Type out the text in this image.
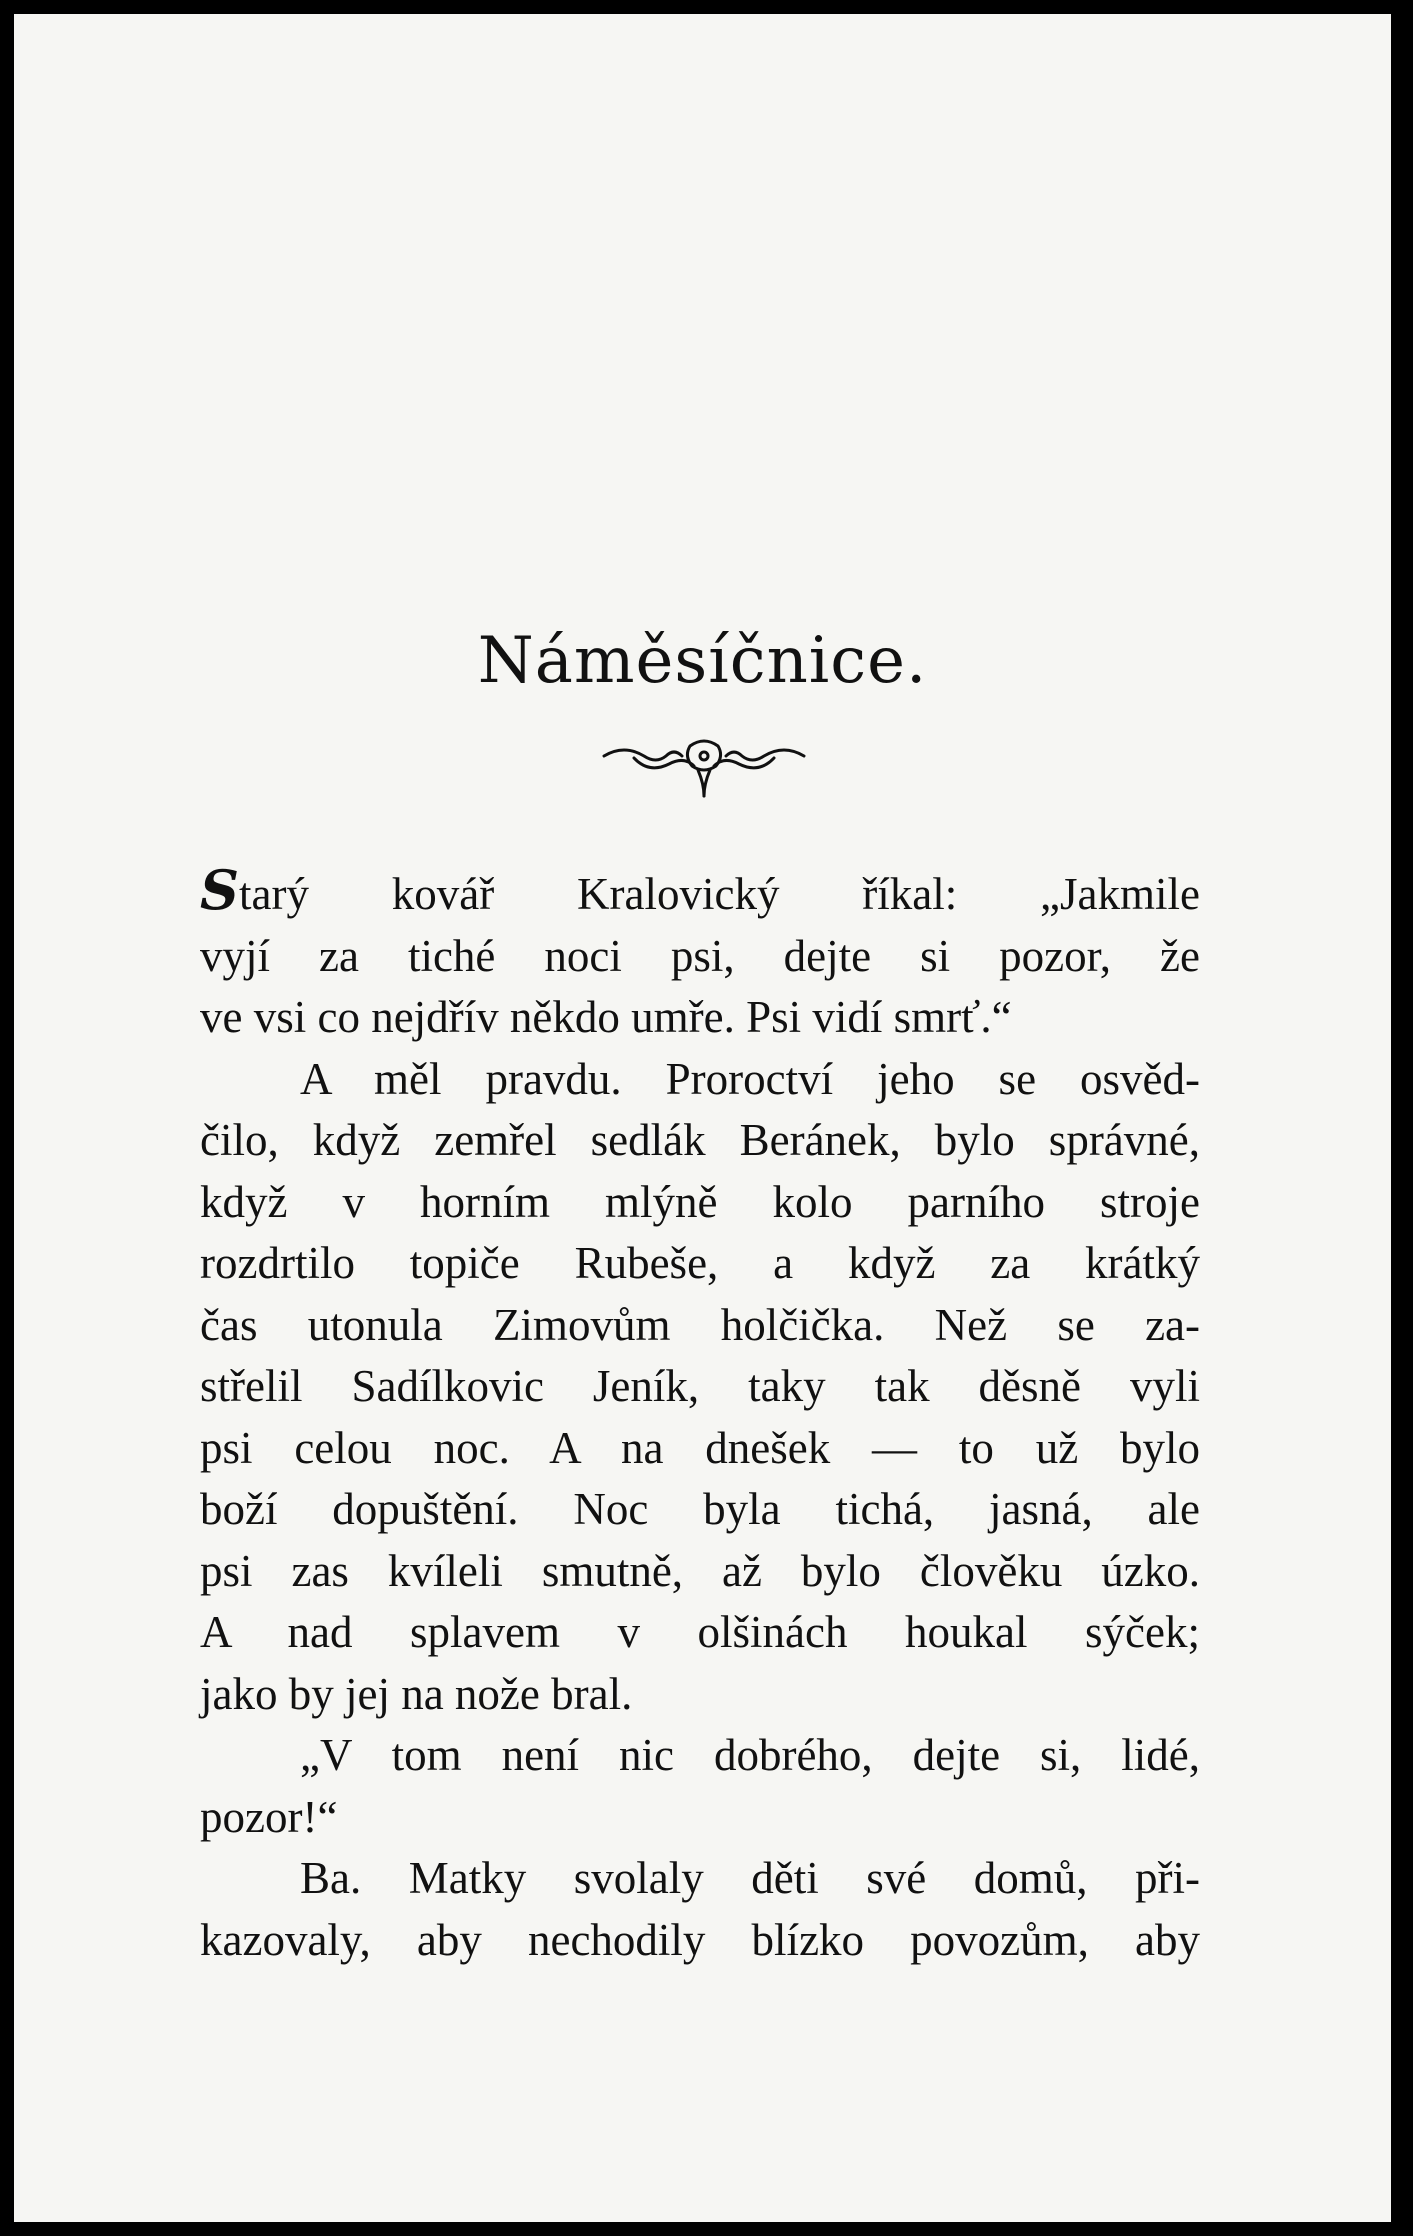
Náměsíčnice.

Starý kovář Kralovický říkal: „Jakmile
vyjí za tiché noci psi, dejte si pozor, že
ve vsi co nejdřív někdo umře. Psi vidí smrť.“

A měl pravdu. Proroctví jeho se osvěd-
čilo, když zemřel sedlák Beránek, bylo správné,
když v horním mlýně kolo parního stroje
rozdrtilo topiče Rubeše, a když za krátký
čas utonula Zimovům holčička. Než se za-
střelil Sadílkovic Jeník, taky tak děsně vyli
psi celou noc. A na dnešek — to už bylo
boží dopuštění. Noc byla tichá, jasná, ale
psi zas kvíleli smutně, až bylo člověku úzko.
A nad splavem v olšinách houkal sýček;
jako by jej na nože bral.

„V tom není nic dobrého, dejte si, lidé,
pozor!“

Ba. Matky svolaly děti své domů, při-
kazovaly, aby nechodily blízko povozům, aby
